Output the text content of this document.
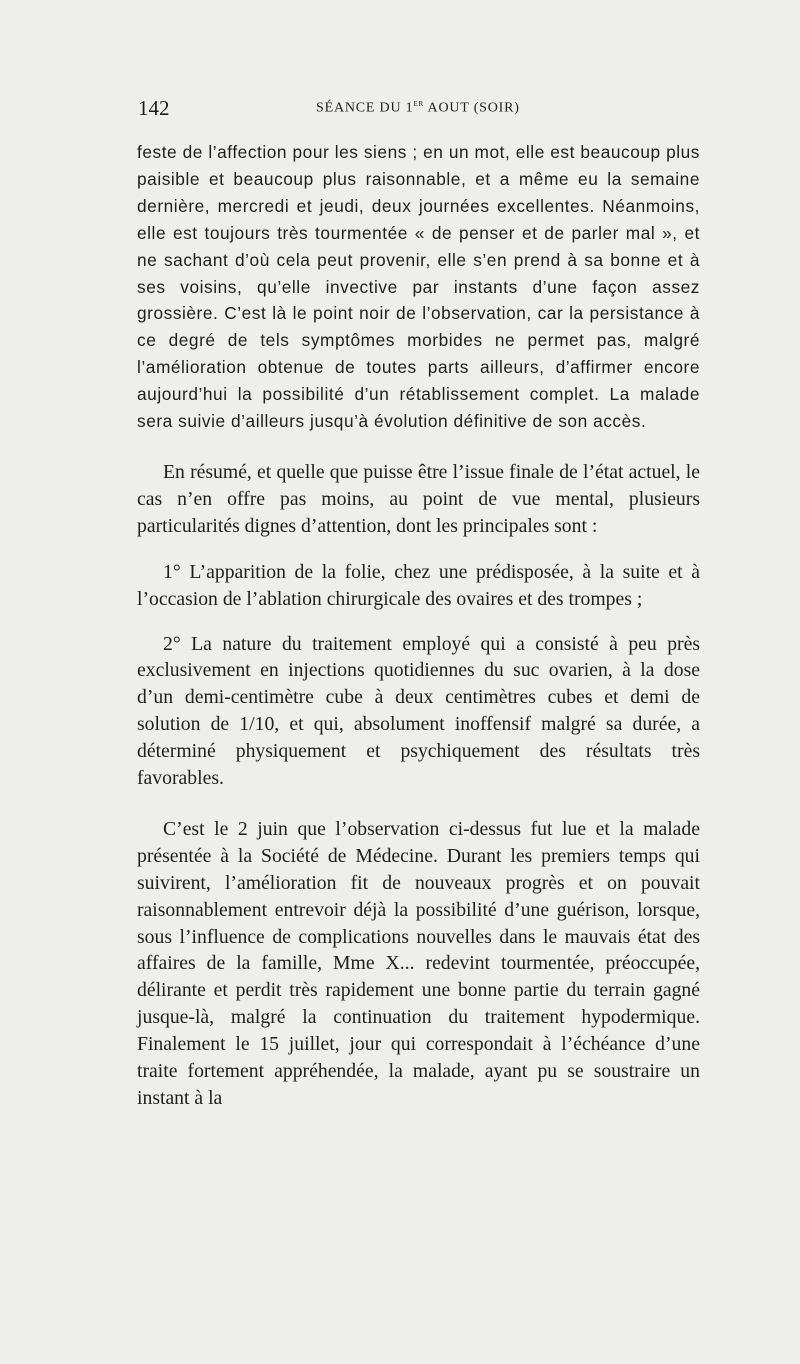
142	SÉANCE DU 1er AOUT (SOIR)

feste de l’affection pour les siens ; en un mot, elle est beaucoup plus paisible et beaucoup plus raisonnable, et a même eu la semaine dernière, mercredi et jeudi, deux journées excellentes. Néanmoins, elle est toujours très tourmentée « de penser et de parler mal », et ne sachant d’où cela peut provenir, elle s’en prend à sa bonne et à ses voisins, qu’elle invective par instants d’une façon assez grossière. C’est là le point noir de l’observation, car la persistance à ce degré de tels symptômes morbides ne permet pas, malgré l’amélioration obtenue de toutes parts ailleurs, d’affirmer encore aujourd’hui la possibilité d’un rétablissement complet. La malade sera suivie d’ailleurs jusqu’à évolution définitive de son accès.

En résumé, et quelle que puisse être l’issue finale de l’état actuel, le cas n’en offre pas moins, au point de vue mental, plusieurs particularités dignes d’attention, dont les principales sont :

1° L’apparition de la folie, chez une prédisposée, à la suite et à l’occasion de l’ablation chirurgicale des ovaires et des trompes ;

2° La nature du traitement employé qui a consisté à peu près exclusivement en injections quotidiennes du suc ovarien, à la dose d’un demi-centimètre cube à deux centimètres cubes et demi de solution de 1/10, et qui, absolument inoffensif malgré sa durée, a déterminé physiquement et psychiquement des résultats très favorables.

C’est le 2 juin que l’observation ci-dessus fut lue et la malade présentée à la Société de Médecine. Durant les premiers temps qui suivirent, l’amélioration fit de nouveaux progrès et on pouvait raisonnablement entrevoir déjà la possibilité d’une guérison, lorsque, sous l’influence de complications nouvelles dans le mauvais état des affaires de la famille, Mme X... redevint tourmentée, préoccupée, délirante et perdit très rapidement une bonne partie du terrain gagné jusque-là, malgré la continuation du traitement hypodermique. Finalement le 15 juillet, jour qui correspondait à l’échéance d’une traite fortement appréhendée, la malade, ayant pu se soustraire un instant à la
